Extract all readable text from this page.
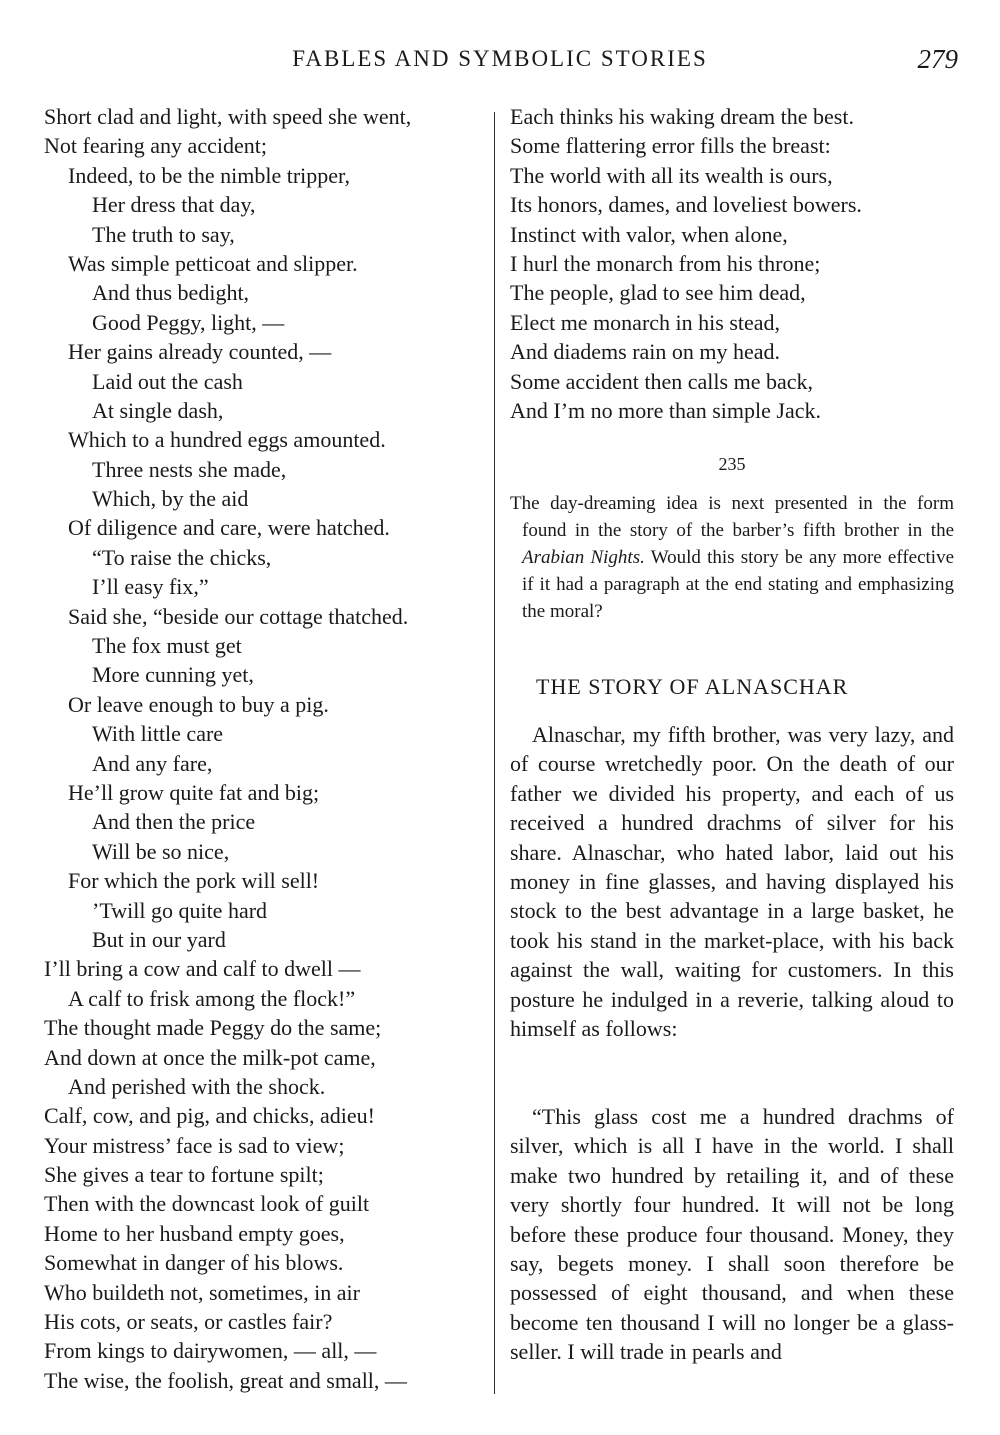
FABLES AND SYMBOLIC STORIES	279
Short clad and light, with speed she went,
Not fearing any accident;
Indeed, to be the nimble tripper,
Her dress that day,
The truth to say,
Was simple petticoat and slipper.
And thus bedight,
Good Peggy, light, —
Her gains already counted, —
Laid out the cash
At single dash,
Which to a hundred eggs amounted.
Three nests she made,
Which, by the aid
Of diligence and care, were hatched.
“To raise the chicks,
I’ll easy fix,”
Said she, “beside our cottage thatched.
The fox must get
More cunning yet,
Or leave enough to buy a pig.
With little care
And any fare,
He’ll grow quite fat and big;
And then the price
Will be so nice,
For which the pork will sell!
’Twill go quite hard
But in our yard
I’ll bring a cow and calf to dwell —
A calf to frisk among the flock!”
The thought made Peggy do the same;
And down at once the milk-pot came,
And perished with the shock.
Calf, cow, and pig, and chicks, adieu!
Your mistress’ face is sad to view;
She gives a tear to fortune spilt;
Then with the downcast look of guilt
Home to her husband empty goes,
Somewhat in danger of his blows.
Who buildeth not, sometimes, in air
His cots, or seats, or castles fair?
From kings to dairywomen, — all, —
The wise, the foolish, great and small, —
Each thinks his waking dream the best.
Some flattering error fills the breast:
The world with all its wealth is ours,
Its honors, dames, and loveliest bowers.
Instinct with valor, when alone,
I hurl the monarch from his throne;
The people, glad to see him dead,
Elect me monarch in his stead,
And diadems rain on my head.
Some accident then calls me back,
And I’m no more than simple Jack.
235

The day-dreaming idea is next presented in the form found in the story of the barber’s fifth brother in the Arabian Nights. Would this story be any more effective if it had a paragraph at the end stating and emphasizing the moral?

THE STORY OF ALNASCHAR

Alnaschar, my fifth brother, was very lazy, and of course wretchedly poor. On the death of our father we divided his property, and each of us received a hundred drachms of silver for his share. Alnaschar, who hated labor, laid out his money in fine glasses, and having displayed his stock to the best advantage in a large basket, he took his stand in the market-place, with his back against the wall, waiting for customers. In this posture he indulged in a reverie, talking aloud to himself as follows:

“This glass cost me a hundred drachms of silver, which is all I have in the world. I shall make two hundred by retailing it, and of these very shortly four hundred. It will not be long before these produce four thousand. Money, they say, begets money. I shall soon therefore be possessed of eight thousand, and when these become ten thousand I will no longer be a glass-seller. I will trade in pearls and
